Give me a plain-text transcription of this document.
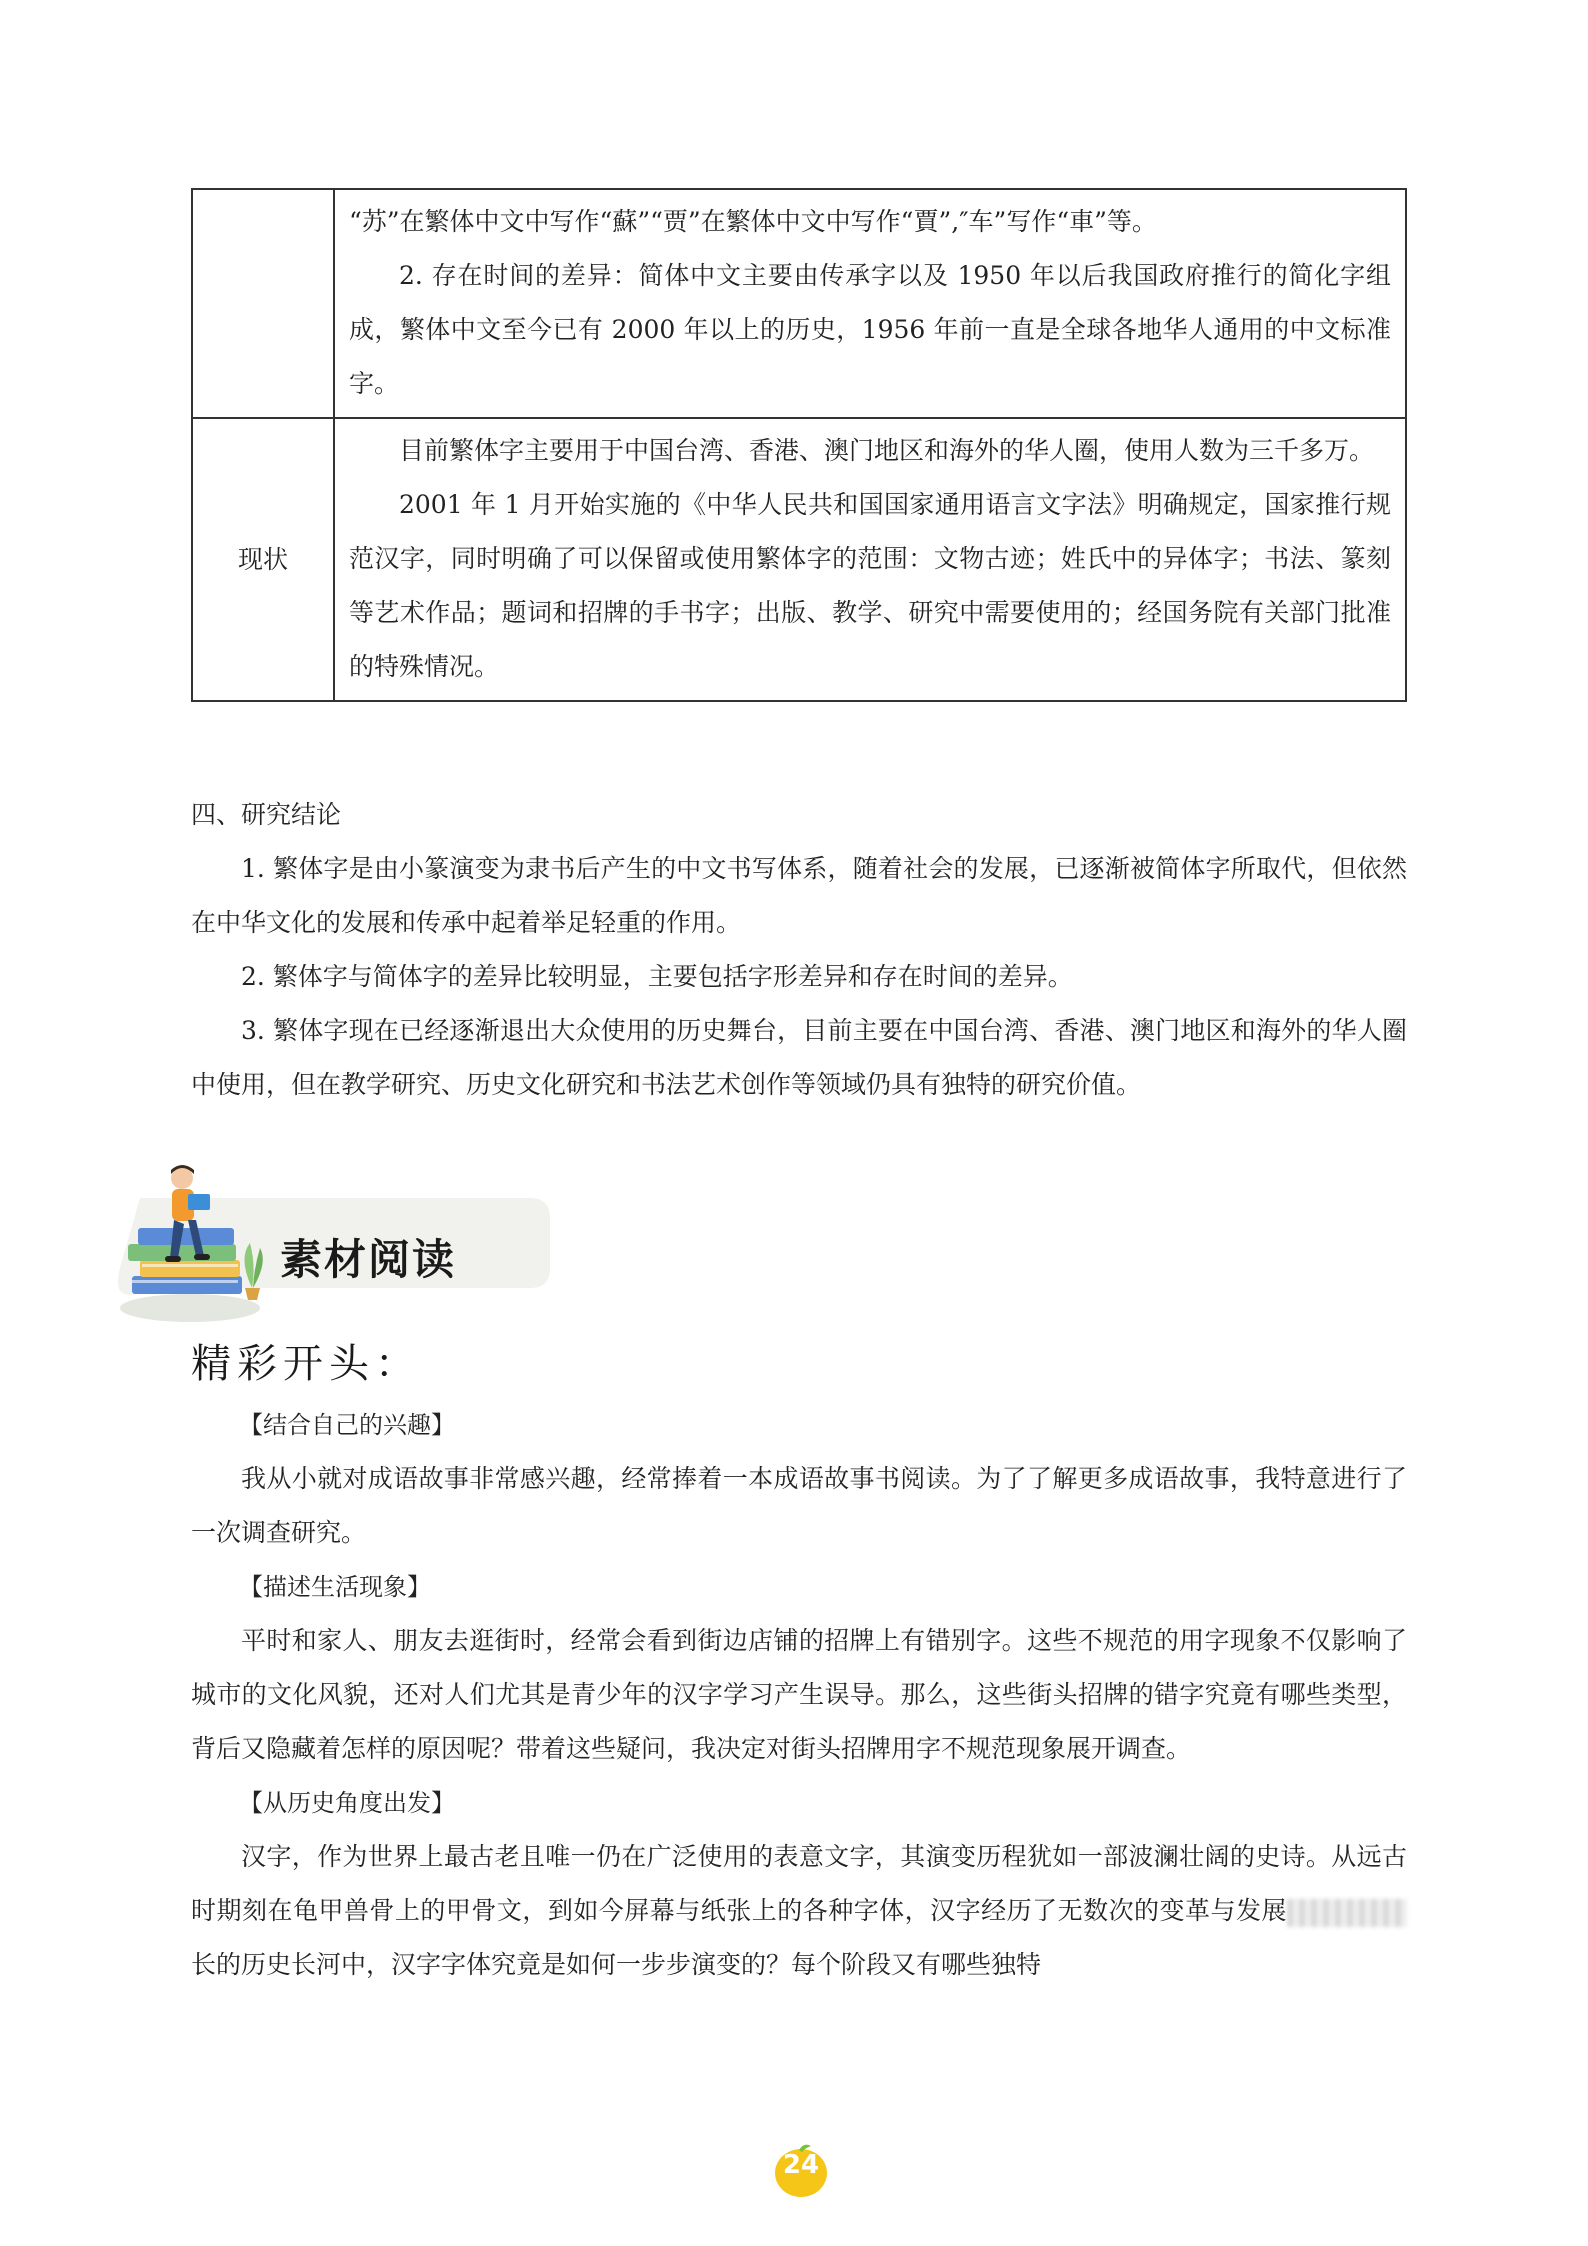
	“苏”在繁体中文中写作“蘇”“贾”在繁体中文中写作“賈”,″车”写作“車”等。

2. 存在时间的差异：简体中文主要由传承字以及 1950 年以后我国政府推行的简化字组成，繁体中文至今已有 2000 年以上的历史，1956 年前一直是全球各地华人通用的中文标准字。

现状	目前繁体字主要用于中国台湾、香港、澳门地区和海外的华人圈，使用人数为三千多万。

2001 年 1 月开始实施的《中华人民共和国国家通用语言文字法》明确规定，国家推行规范汉字，同时明确了可以保留或使用繁体字的范围：文物古迹；姓氏中的异体字；书法、篆刻等艺术作品；题词和招牌的手书字；出版、教学、研究中需要使用的；经国务院有关部门批准的特殊情况。

四、研究结论

1. 繁体字是由小篆演变为隶书后产生的中文书写体系，随着社会的发展，已逐渐被简体字所取代，但依然在中华文化的发展和传承中起着举足轻重的作用。

2. 繁体字与简体字的差异比较明显，主要包括字形差异和存在时间的差异。

3. 繁体字现在已经逐渐退出大众使用的历史舞台，目前主要在中国台湾、香港、澳门地区和海外的华人圈中使用，但在教学研究、历史文化研究和书法艺术创作等领域仍具有独特的研究价值。

素材阅读
精彩开头：

【结合自己的兴趣】

我从小就对成语故事非常感兴趣，经常捧着一本成语故事书阅读。为了了解更多成语故事，我特意进行了一次调查研究。

【描述生活现象】

平时和家人、朋友去逛街时，经常会看到街边店铺的招牌上有错别字。这些不规范的用字现象不仅影响了城市的文化风貌，还对人们尤其是青少年的汉字学习产生误导。那么，这些街头招牌的错字究竟有哪些类型，背后又隐藏着怎样的原因呢？带着这些疑问，我决定对街头招牌用字不规范现象展开调查。

【从历史角度出发】

汉字，作为世界上最古老且唯一仍在广泛使用的表意文字，其演变历程犹如一部波澜壮阔的史诗。从远古时期刻在龟甲兽骨上的甲骨文，到如今屏幕与纸张上的各种字体，汉字经历了无数次的变革与发展长的历史长河中，汉字字体究竟是如何一步步演变的？每个阶段又有哪些独特

24
